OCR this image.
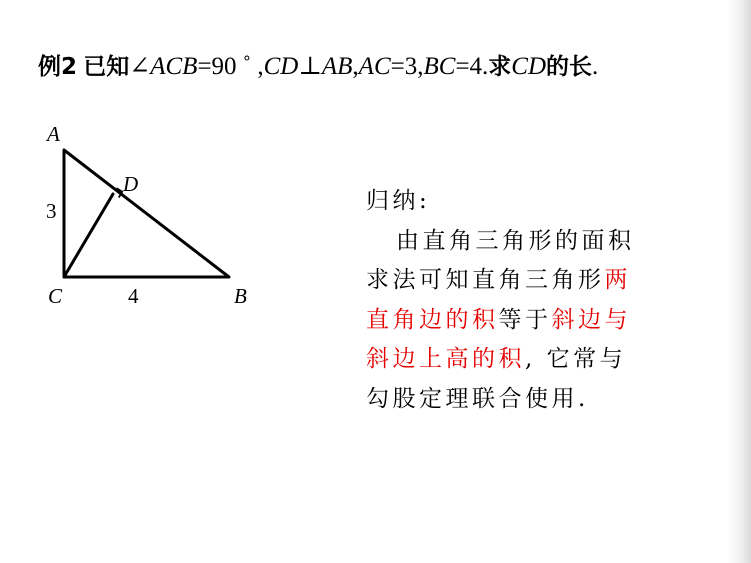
例2 已知∠ACB=90 ˚ ,CD⊥AB,AC=3,BC=4.求CD的长.
A
D
C	B
3
4
归纳:
由直角三角形的面积
求法可知直角三角形两
直角边的积等于斜边与
斜边上高的积, 它常与
勾股定理联合使用.
